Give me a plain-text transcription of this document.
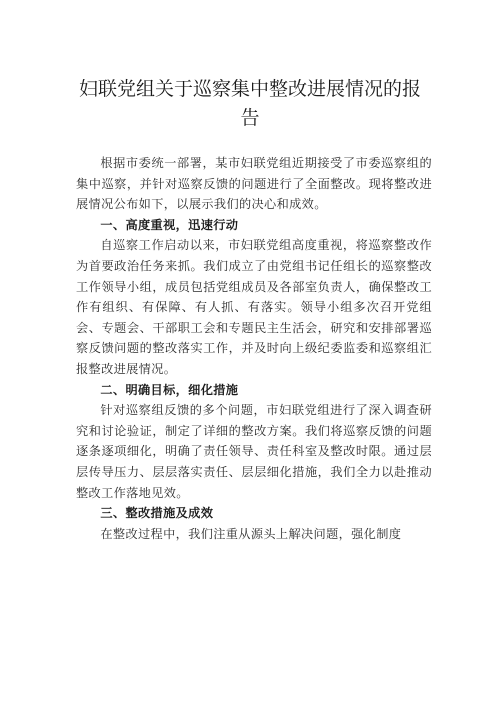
妇联党组关于巡察集中整改进展情况的报
告

根据市委统一部署，某市妇联党组近期接受了市委巡察组的集中巡察，并针对巡察反馈的问题进行了全面整改。现将整改进展情况公布如下，以展示我们的决心和成效。

一、高度重视，迅速行动

自巡察工作启动以来，市妇联党组高度重视，将巡察整改作为首要政治任务来抓。我们成立了由党组书记任组长的巡察整改工作领导小组，成员包括党组成员及各部室负责人，确保整改工作有组织、有保障、有人抓、有落实。领导小组多次召开党组会、专题会、干部职工会和专题民主生活会，研究和安排部署巡察反馈问题的整改落实工作，并及时向上级纪委监委和巡察组汇报整改进展情况。

二、明确目标，细化措施

针对巡察组反馈的多个问题，市妇联党组进行了深入调查研究和讨论验证，制定了详细的整改方案。我们将巡察反馈的问题逐条逐项细化，明确了责任领导、责任科室及整改时限。通过层层传导压力、层层落实责任、层层细化措施，我们全力以赴推动整改工作落地见效。

三、整改措施及成效

在整改过程中，我们注重从源头上解决问题，强化制度
